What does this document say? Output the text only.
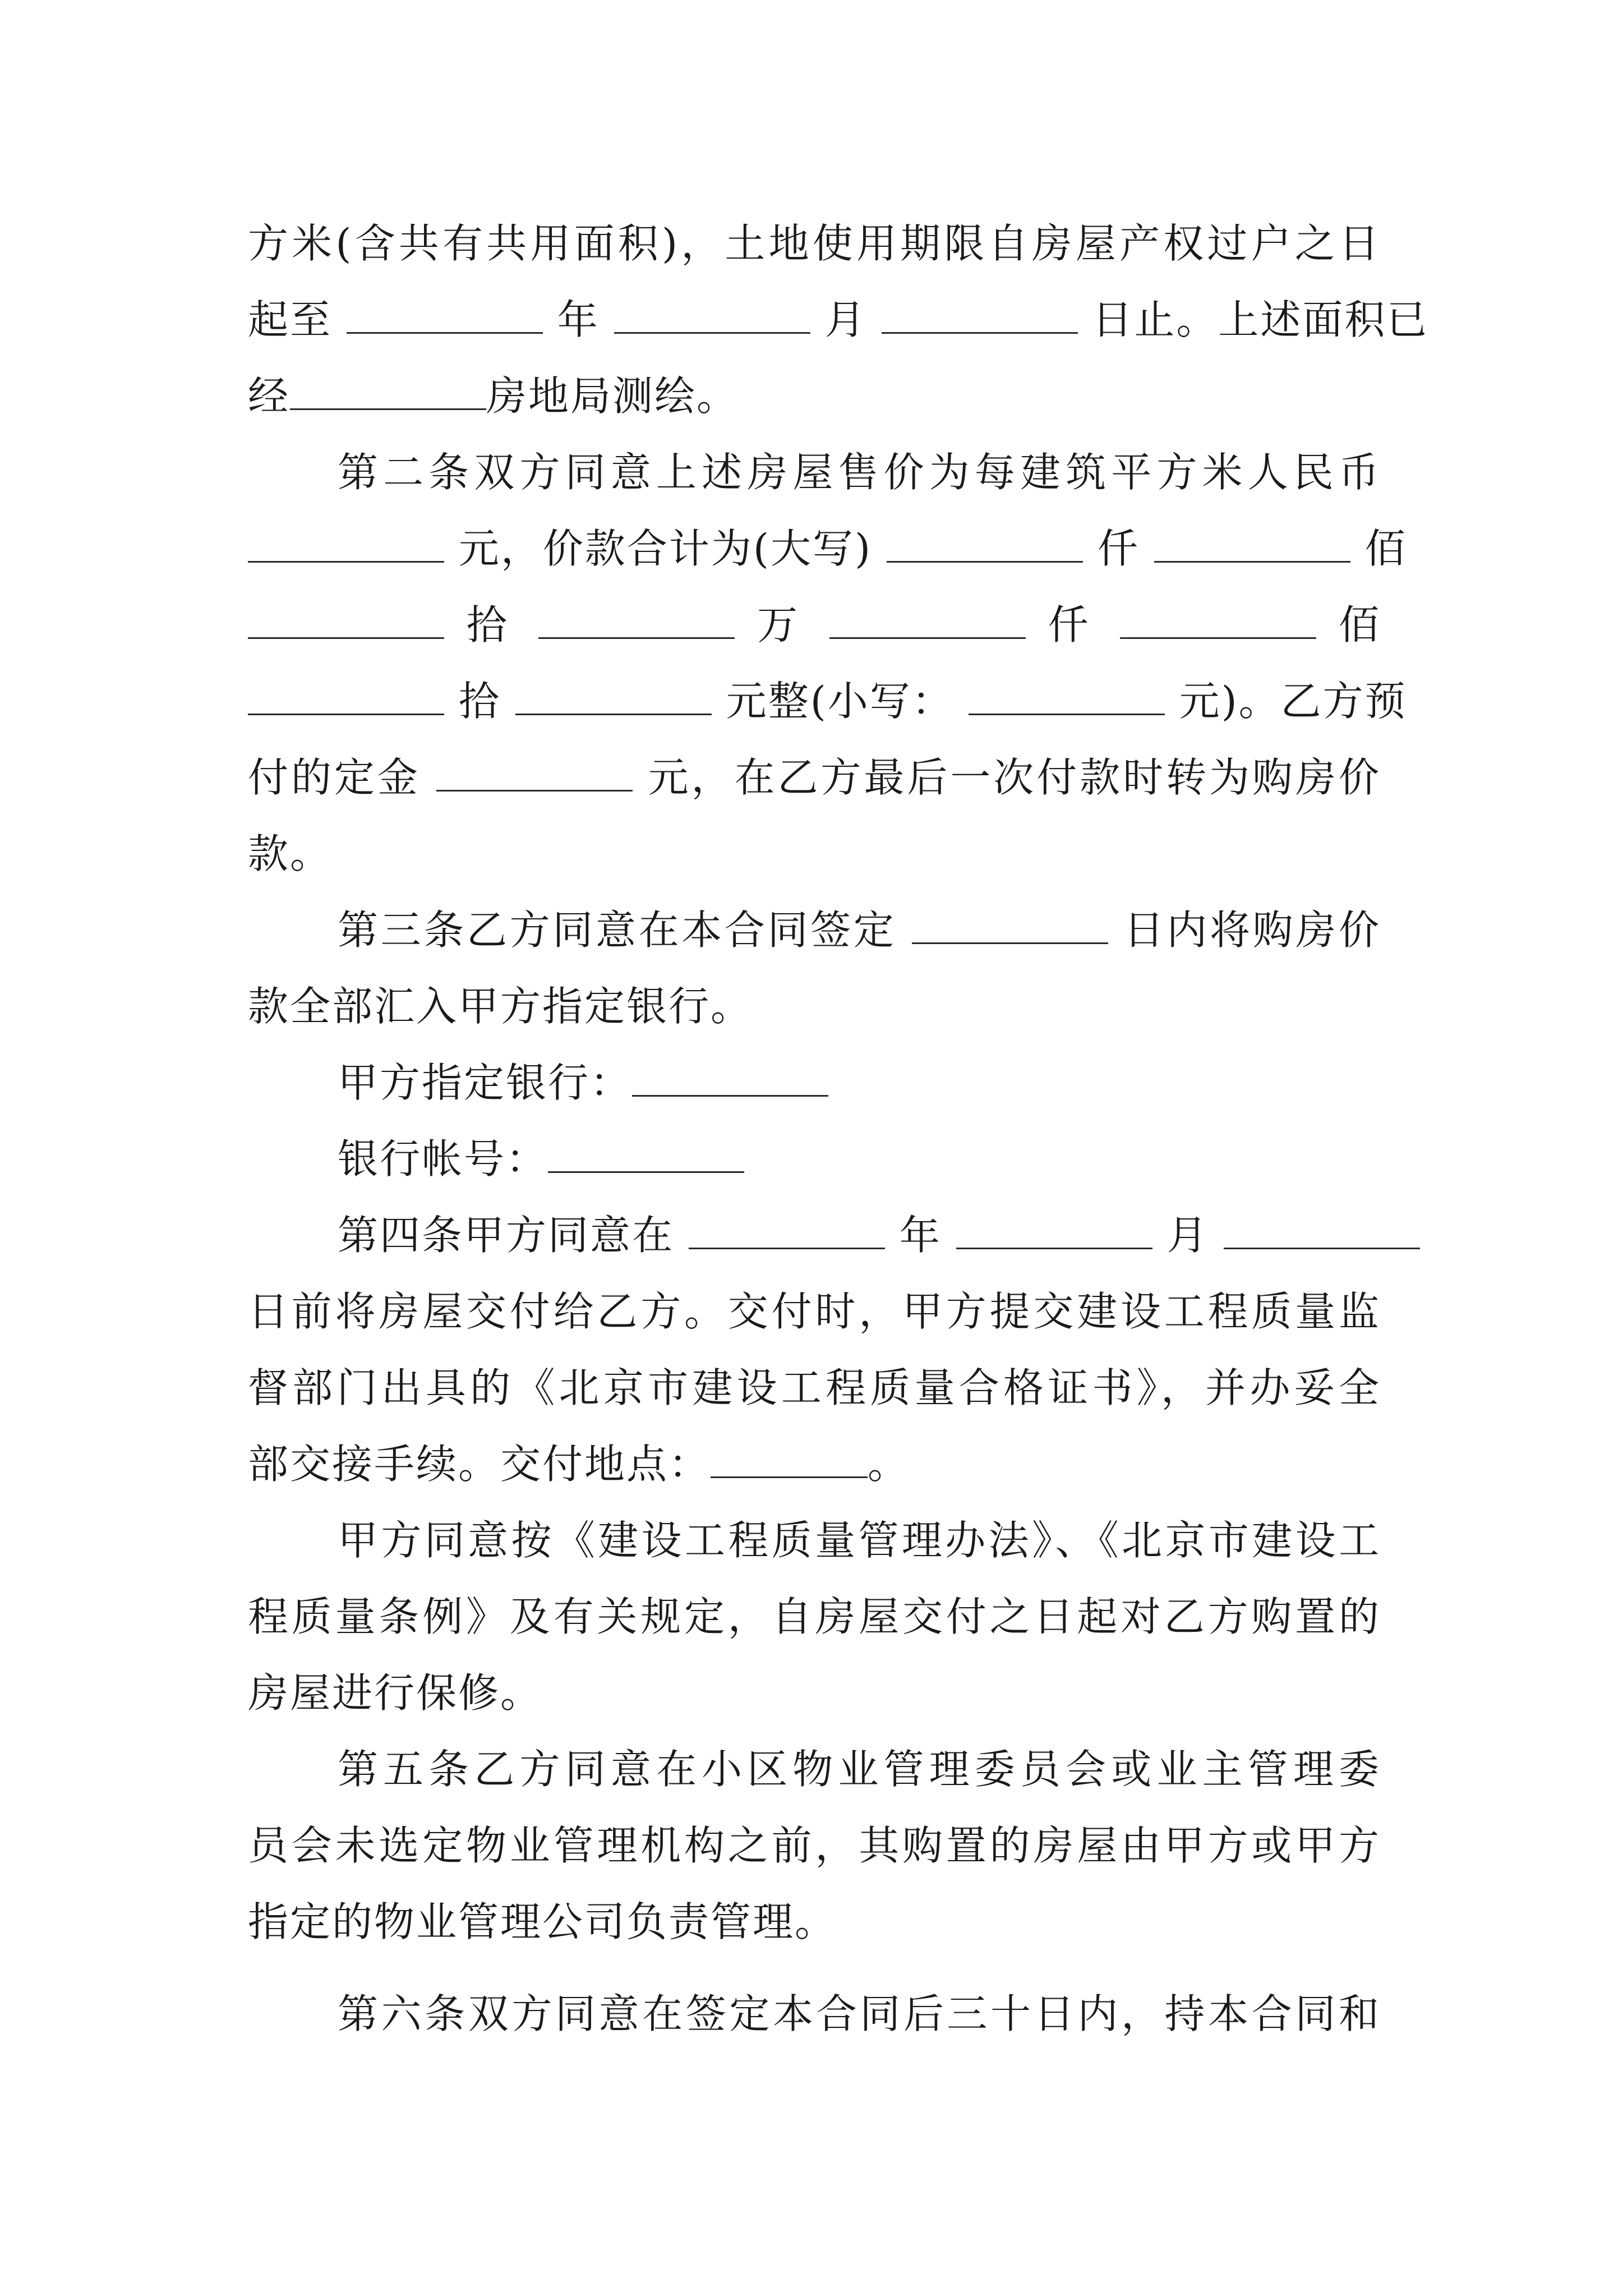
方米(含共有共用面积)，土地使用期限自房屋产权过户之日
起至	年	月	日止。上述面积已
经	房地局测绘。
第二条双方同意上述房屋售价为每建筑平方米人民币
元，价款合计为(大写)	仟	佰
拾	万	仟	佰
拾	元整(小写：	元)。乙方预
付的定金	元，在乙方最后一次付款时转为购房价
款。
第三条乙方同意在本合同签定	日内将购房价
款全部汇入甲方指定银行。
甲方指定银行：
银行帐号：
第四条甲方同意在	年	月
日前将房屋交付给乙方。交付时，甲方提交建设工程质量监
督部门出具的《北京市建设工程质量合格证书》，并办妥全
部交接手续。交付地点：	。
甲方同意按《建设工程质量管理办法》、《北京市建设工
程质量条例》及有关规定，自房屋交付之日起对乙方购置的
房屋进行保修。
第五条乙方同意在小区物业管理委员会或业主管理委
员会未选定物业管理机构之前，其购置的房屋由甲方或甲方
指定的物业管理公司负责管理。
第六条双方同意在签定本合同后三十日内，持本合同和
